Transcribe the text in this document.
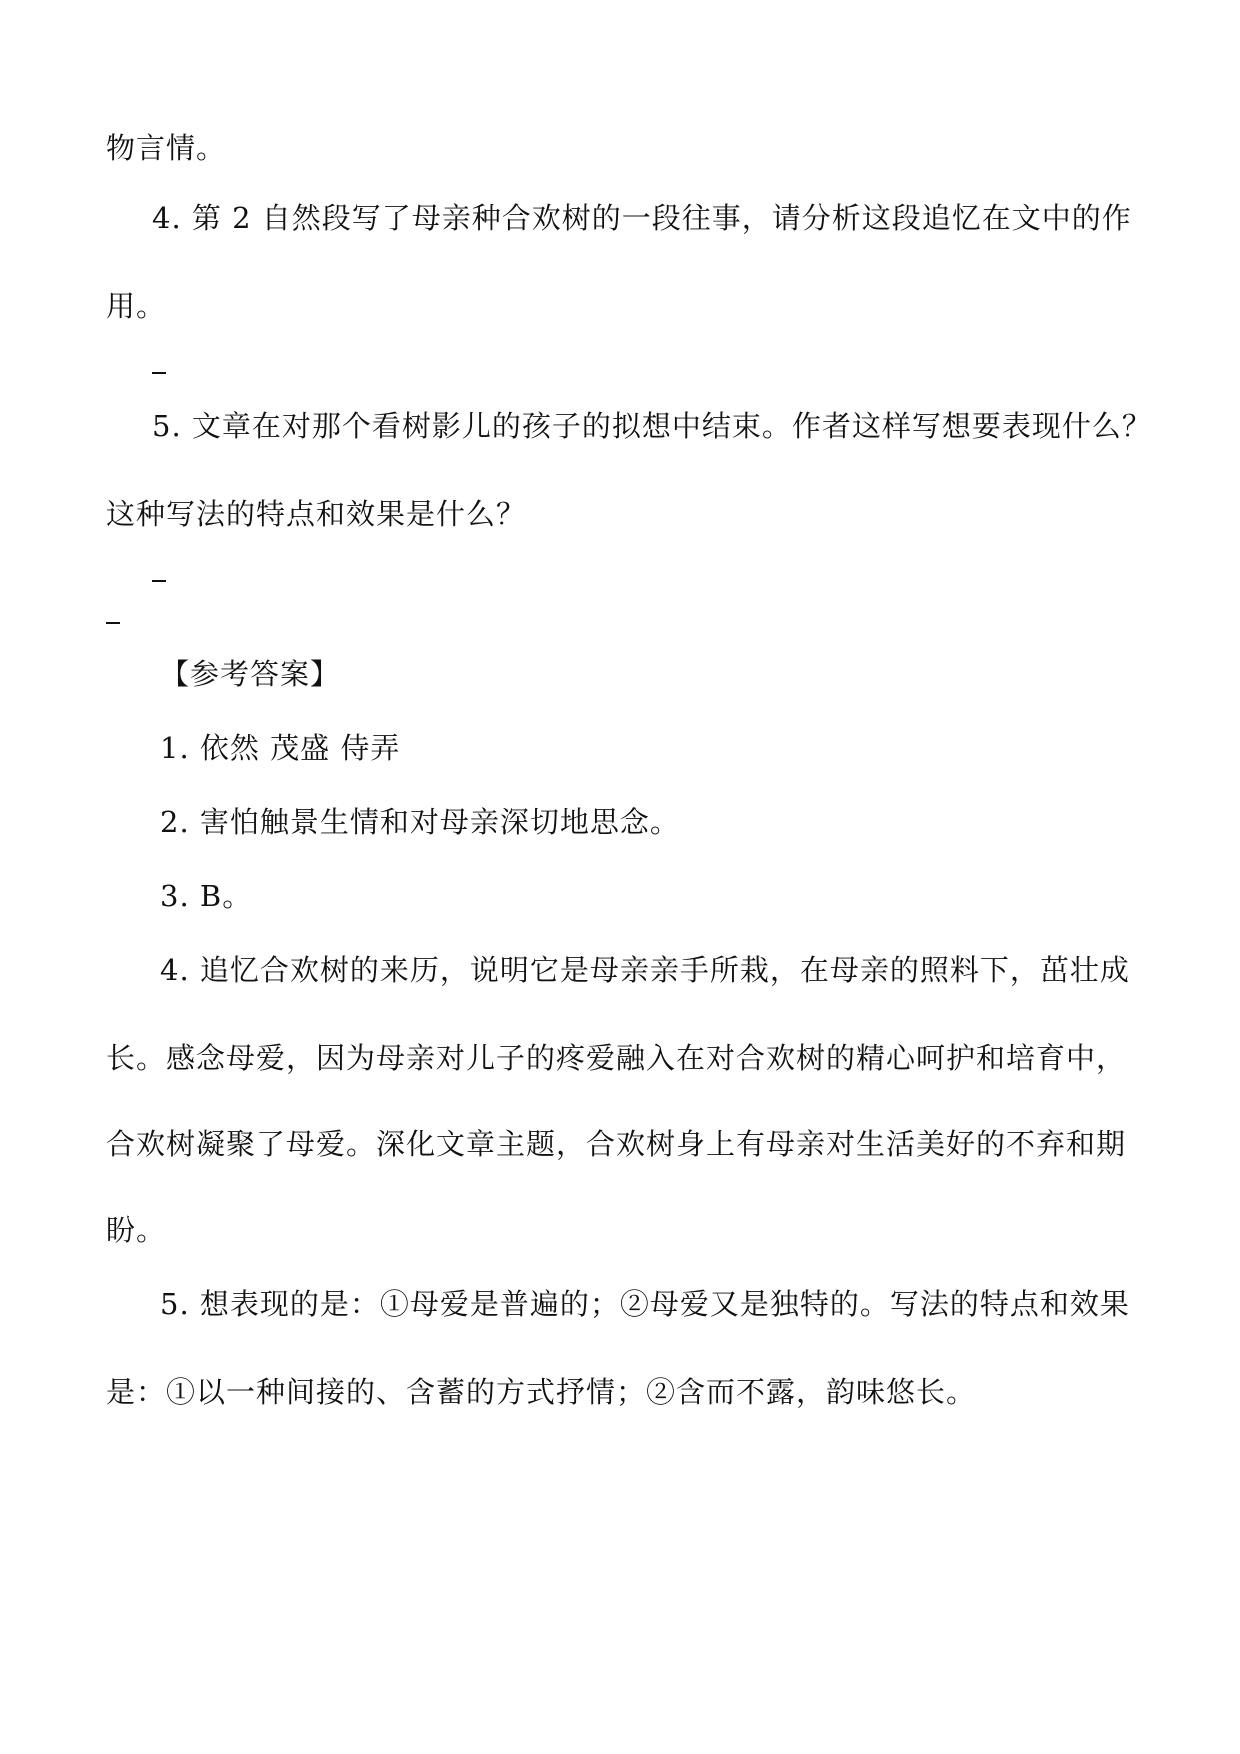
物言情。
4. 第 2 自然段写了母亲种合欢树的一段往事，请分析这段追忆在文中的作
用。
5. 文章在对那个看树影儿的孩子的拟想中结束。作者这样写想要表现什么？
这种写法的特点和效果是什么？
【参考答案】
1. 依然 茂盛 侍弄
2. 害怕触景生情和对母亲深切地思念。
3. B。
4. 追忆合欢树的来历，说明它是母亲亲手所栽，在母亲的照料下，茁壮成
长。感念母爱，因为母亲对儿子的疼爱融入在对合欢树的精心呵护和培育中，
合欢树凝聚了母爱。深化文章主题，合欢树身上有母亲对生活美好的不弃和期
盼。
5. 想表现的是：①母爱是普遍的；②母爱又是独特的。写法的特点和效果
是：①以一种间接的、含蓄的方式抒情；②含而不露，韵味悠长。
